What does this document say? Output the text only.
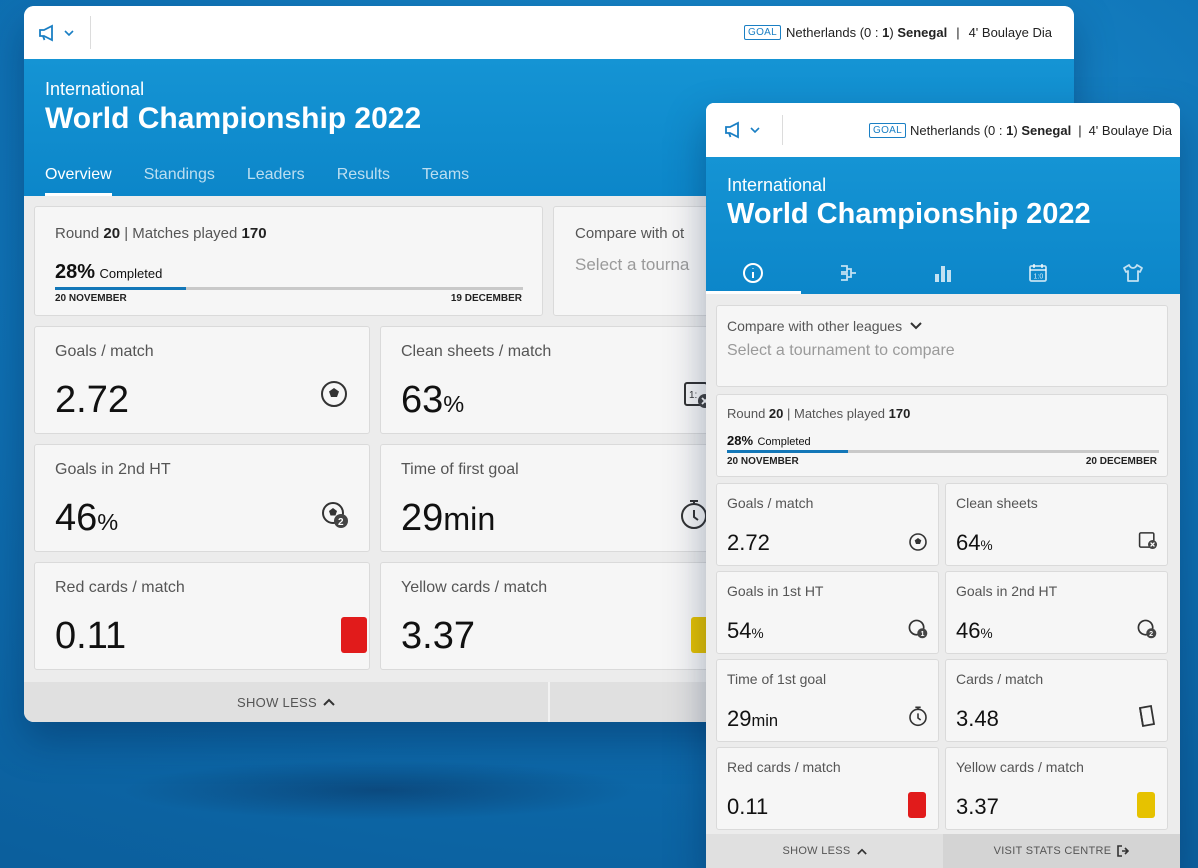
GOAL Netherlands (0 : 1) Senegal | 4' Boulaye Dia
International
World Championship 2022
Overview Standings Leaders Results Teams
Round 20 | Matches played 170
28% Completed
20 NOVEMBER	19 DECEMBER
Compare with ot
Select a tourna
Goals / match
2.72
Clean sheets / match
63%	1:
Goals in 2nd HT
46%	2
Time of first goal
29min
Red cards / match
0.11
Yellow cards / match
3.37
SHOW LESS
GOAL Netherlands (0 : 1) Senegal | 4' Boulaye Dia
International
World Championship 2022
1:0
Compare with other leagues
Select a tournament to compare
Round 20 | Matches played 170
28% Completed
20 NOVEMBER	20 DECEMBER
Goals / match
2.72
Clean sheets
64%
Goals in 1st HT
54%	1
Goals in 2nd HT
46%	2
Time of 1st goal
29min
Cards / match
3.48
Red cards / match
0.11
Yellow cards / match
3.37
SHOW LESS	VISIT STATS CENTRE
